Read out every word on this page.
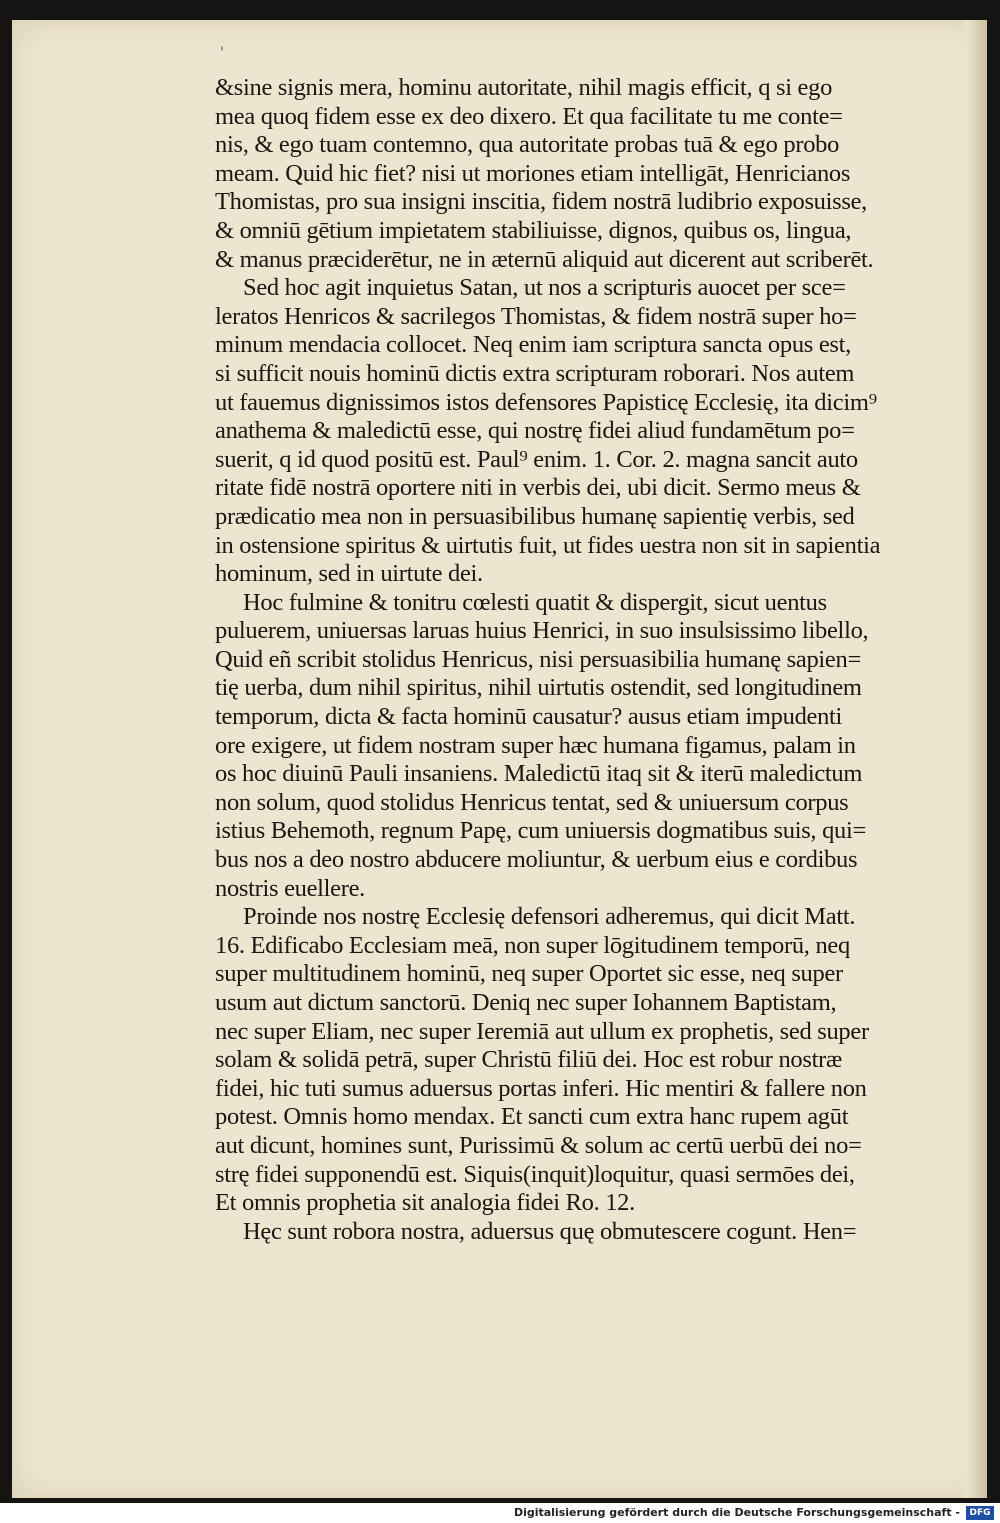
'
&sine signis mera, hominu autoritate, nihil magis efficit, q si ego
mea quoq fidem esse ex deo dixero. Et qua facilitate tu me conte=
nis, & ego tuam contemno, qua autoritate probas tuā & ego probo
meam. Quid hic fiet? nisi ut moriones etiam intelligāt, Henricianos
Thomistas, pro sua insigni inscitia, fidem nostrā ludibrio exposuisse,
& omniū gētium impietatem stabiliuisse, dignos, quibus os, lingua,
& manus præciderētur, ne in æternū aliquid aut dicerent aut scriberēt.
Sed hoc agit inquietus Satan, ut nos a scripturis auocet per sce=
leratos Henricos & sacrilegos Thomistas, & fidem nostrā super ho=
minum mendacia collocet. Neq enim iam scriptura sancta opus est,
si sufficit nouis hominū dictis extra scripturam roborari. Nos autem
ut fauemus dignissimos istos defensores Papisticę Ecclesię, ita dicim⁹
anathema & maledictū esse, qui nostrę fidei aliud fundamētum po=
suerit, q id quod positū est. Paul⁹ enim. 1. Cor. 2. magna sancit auto
ritate fidē nostrā oportere niti in verbis dei, ubi dicit. Sermo meus &
prædicatio mea non in persuasibilibus humanę sapientię verbis, sed
in ostensione spiritus & uirtutis fuit, ut fides uestra non sit in sapientia
hominum, sed in uirtute dei.
Hoc fulmine & tonitru cœlesti quatit & dispergit, sicut uentus
puluerem, uniuersas laruas huius Henrici, in suo insulsissimo libello,
Quid eñ scribit stolidus Henricus, nisi persuasibilia humanę sapien=
tię uerba, dum nihil spiritus, nihil uirtutis ostendit, sed longitudinem
temporum, dicta & facta hominū causatur? ausus etiam impudenti
ore exigere, ut fidem nostram super hæc humana figamus, palam in
os hoc diuinū Pauli insaniens. Maledictū itaq sit & iterū maledictum
non solum, quod stolidus Henricus tentat, sed & uniuersum corpus
istius Behemoth, regnum Papę, cum uniuersis dogmatibus suis, qui=
bus nos a deo nostro abducere moliuntur, & uerbum eius e cordibus
nostris euellere.
Proinde nos nostrę Ecclesię defensori adheremus, qui dicit Matt.
16. Edificabo Ecclesiam meā, non super lōgitudinem temporū, neq
super multitudinem hominū, neq super Oportet sic esse, neq super
usum aut dictum sanctorū. Deniq nec super Iohannem Baptistam,
nec super Eliam, nec super Ieremiā aut ullum ex prophetis, sed super
solam & solidā petrā, super Christū filiū dei. Hoc est robur nostræ
fidei, hic tuti sumus aduersus portas inferi. Hic mentiri & fallere non
potest. Omnis homo mendax. Et sancti cum extra hanc rupem agūt
aut dicunt, homines sunt, Purissimū & solum ac certū uerbū dei no=
strę fidei supponendū est. Siquis(inquit)loquitur, quasi sermōes dei,
Et omnis prophetia sit analogia fidei Ro. 12.
Hęc sunt robora nostra, aduersus quę obmutescere cogunt. Hen=
Digitalisierung gefördert durch die Deutsche Forschungsgemeinschaft -	DFG
